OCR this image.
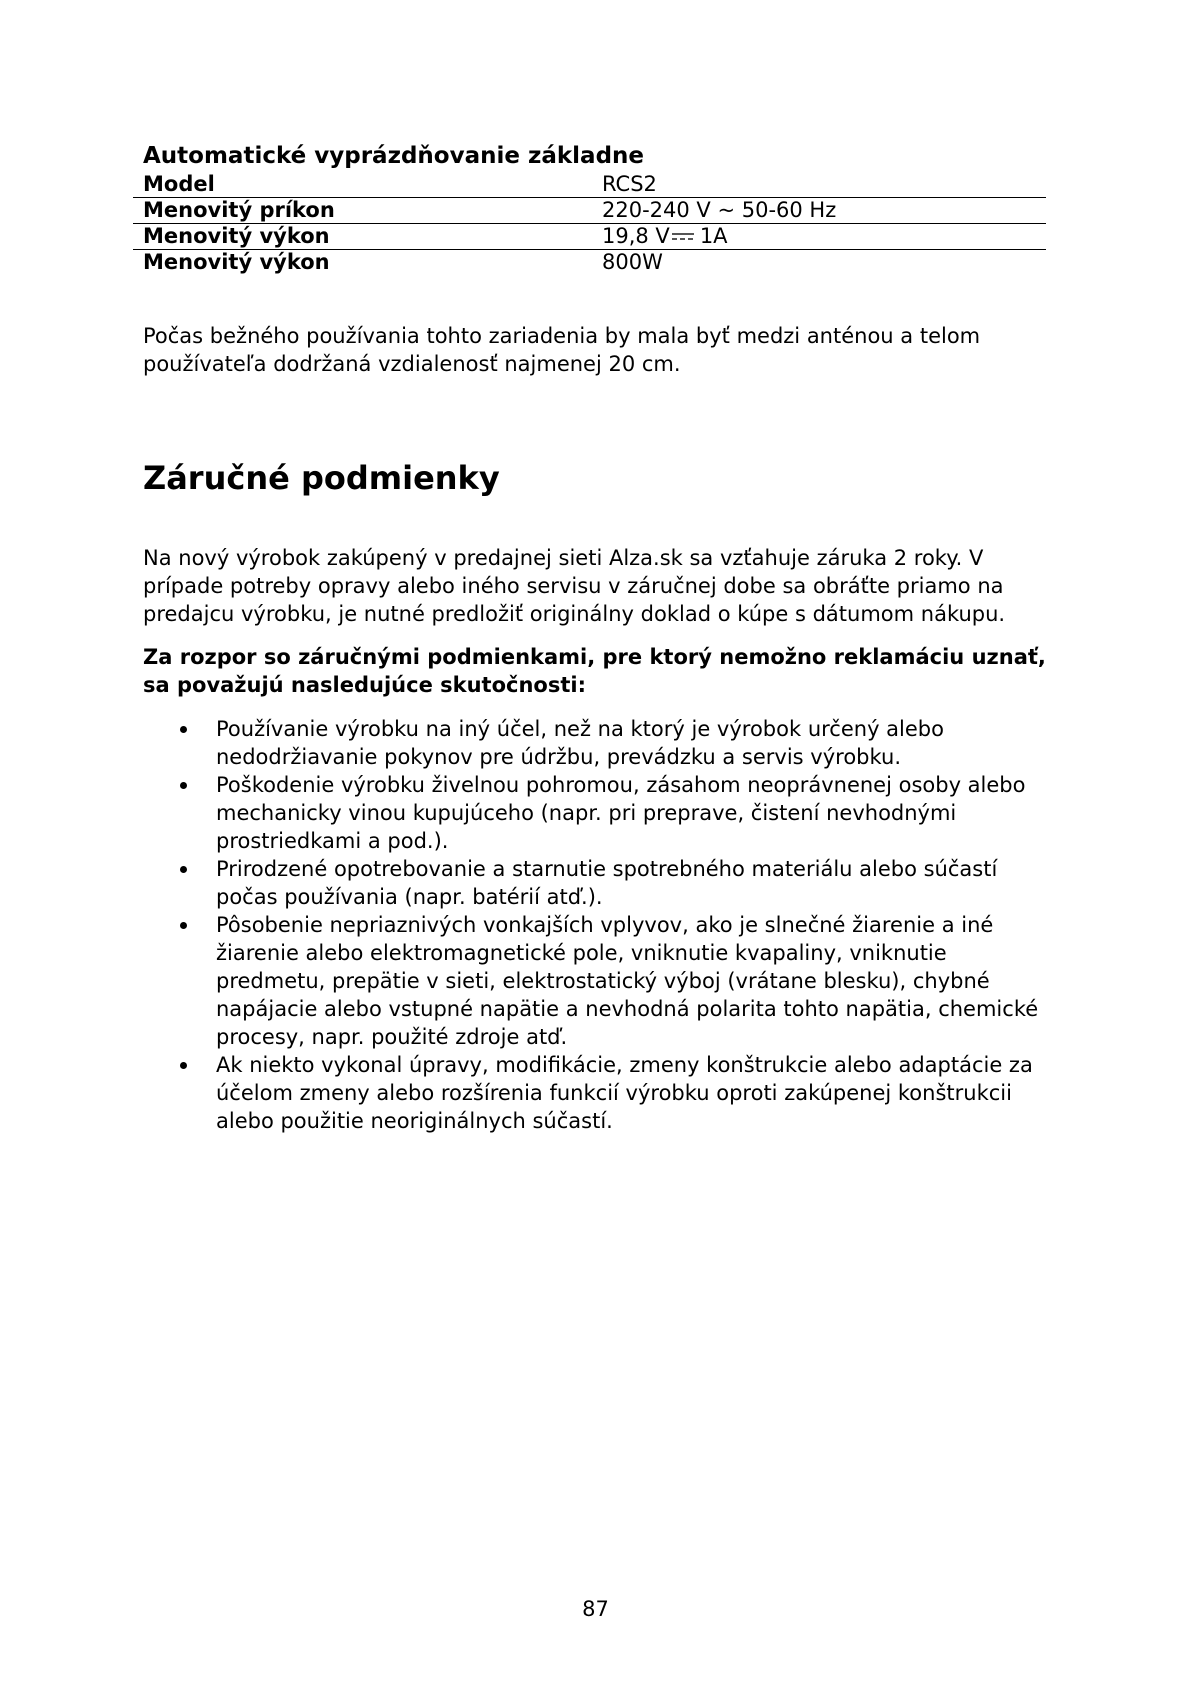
Automatické vyprázdňovanie základne
Model	RCS2
Menovitý príkon	220-240 V ~ 50-60 Hz
Menovitý výkon	19,8 V 1A
Menovitý výkon	800W

Počas bežného používania tohto zariadenia by mala byť medzi anténou a telom používateľa dodržaná vzdialenosť najmenej 20 cm.

Záručné podmienky

Na nový výrobok zakúpený v predajnej sieti Alza.sk sa vzťahuje záruka 2 roky. V prípade potreby opravy alebo iného servisu v záručnej dobe sa obráťte priamo na predajcu výrobku, je nutné predložiť originálny doklad o kúpe s dátumom nákupu.

Za rozpor so záručnými podmienkami, pre ktorý nemožno reklamáciu uznať, sa považujú nasledujúce skutočnosti:

Používanie výrobku na iný účel, než na ktorý je výrobok určený alebo nedodržiavanie pokynov pre údržbu, prevádzku a servis výrobku.
Poškodenie výrobku živelnou pohromou, zásahom neoprávnenej osoby alebo mechanicky vinou kupujúceho (napr. pri preprave, čistení nevhodnými prostriedkami a pod.).
Prirodzené opotrebovanie a starnutie spotrebného materiálu alebo súčastí počas používania (napr. batérií atď.).
Pôsobenie nepriaznivých vonkajších vplyvov, ako je slnečné žiarenie a iné žiarenie alebo elektromagnetické pole, vniknutie kvapaliny, vniknutie predmetu, prepätie v sieti, elektrostatický výboj (vrátane blesku), chybné napájacie alebo vstupné napätie a nevhodná polarita tohto napätia, chemické procesy, napr. použité zdroje atď.
Ak niekto vykonal úpravy, modifikácie, zmeny konštrukcie alebo adaptácie za účelom zmeny alebo rozšírenia funkcií výrobku oproti zakúpenej konštrukcii alebo použitie neoriginálnych súčastí.

87
